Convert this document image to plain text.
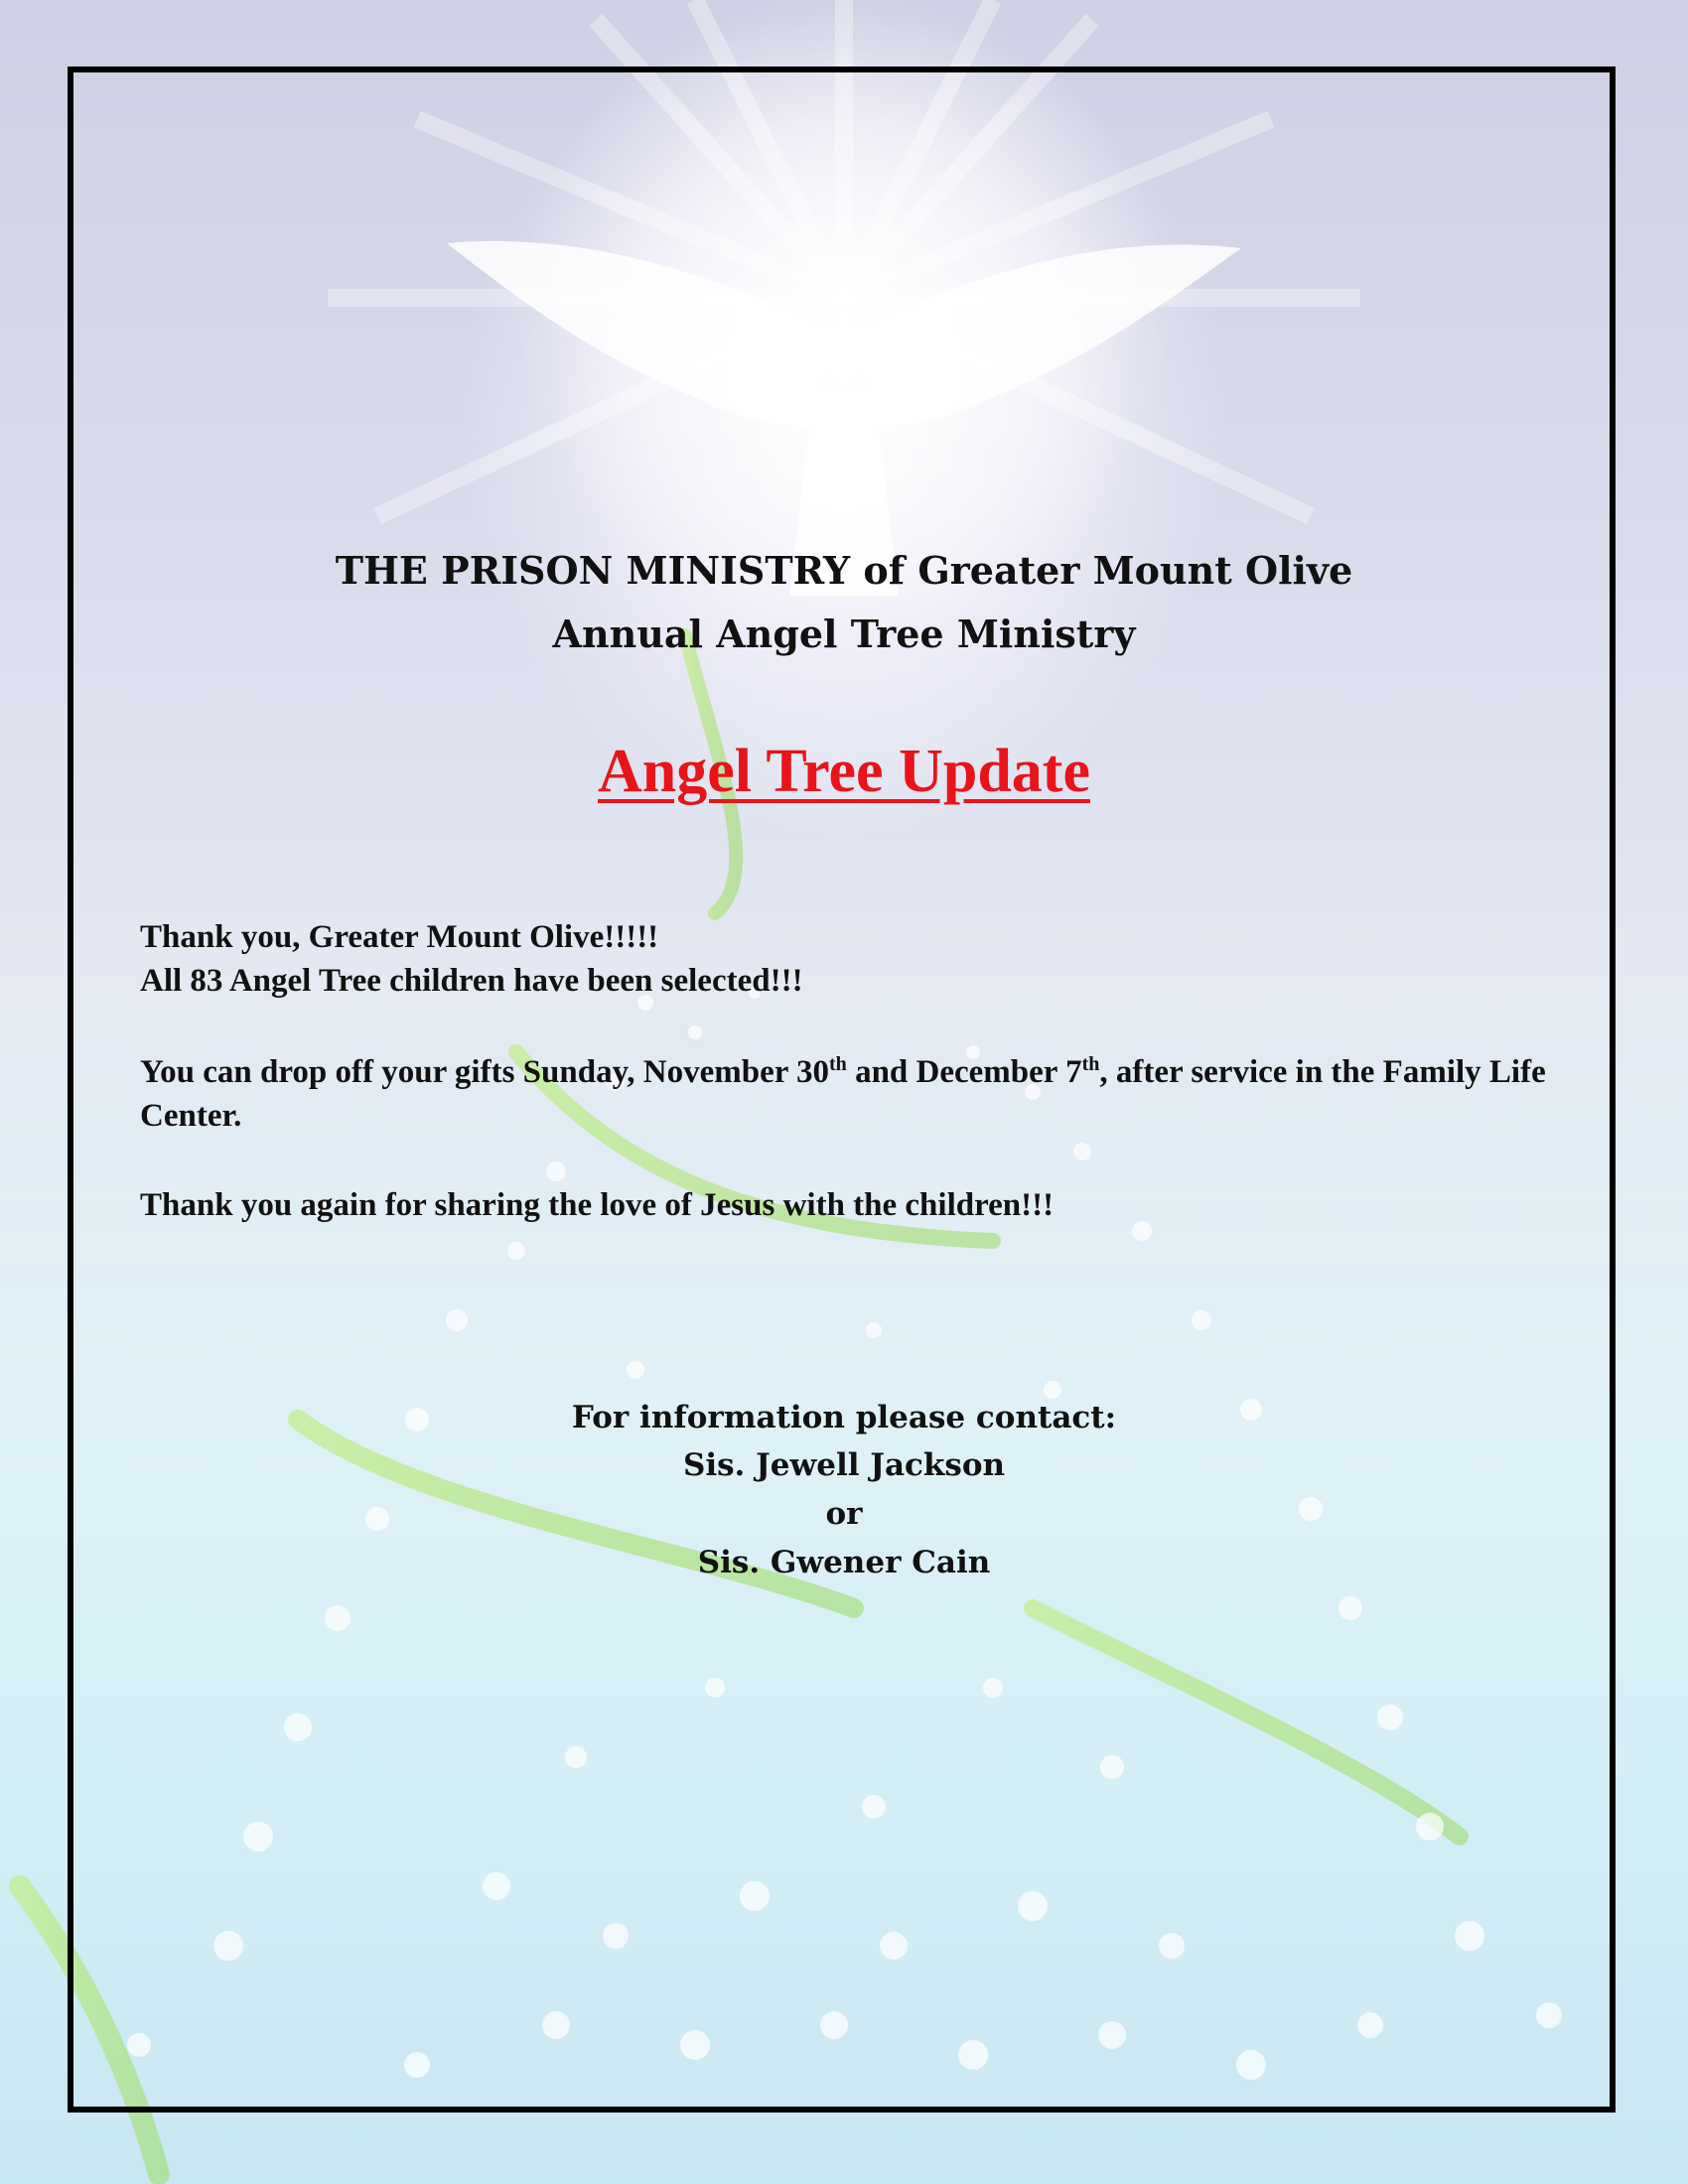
THE PRISON MINISTRY of Greater Mount Olive
Annual Angel Tree Ministry
Angel Tree Update
Thank you, Greater Mount Olive!!!!!
All 83 Angel Tree children have been selected!!!
You can drop off your gifts Sunday, November 30th and December 7th, after service in the Family Life Center.
Thank you again for sharing the love of Jesus with the children!!!
For information please contact:
Sis. Jewell Jackson
or
Sis. Gwener Cain
